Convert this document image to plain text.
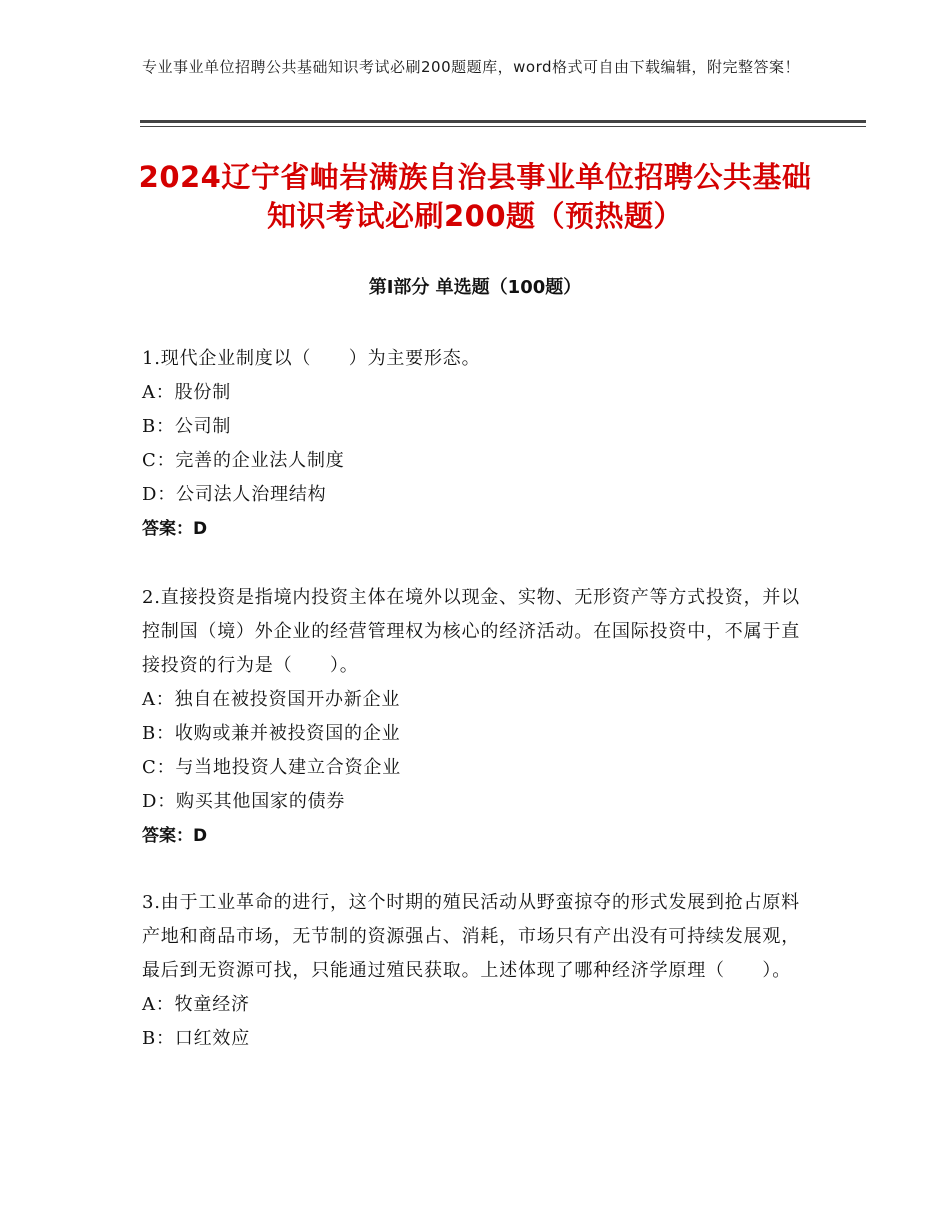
专业事业单位招聘公共基础知识考试必刷200题题库，word格式可自由下载编辑，附完整答案！
2024辽宁省岫岩满族自治县事业单位招聘公共基础知识考试必刷200题（预热题）
第Ⅰ部分 单选题（100题）
1.现代企业制度以（　　）为主要形态。
A：股份制
B：公司制
C：完善的企业法人制度
D：公司法人治理结构
答案：D
2.直接投资是指境内投资主体在境外以现金、实物、无形资产等方式投资，并以控制国（境）外企业的经营管理权为核心的经济活动。在国际投资中，不属于直接投资的行为是（　　）。
A：独自在被投资国开办新企业
B：收购或兼并被投资国的企业
C：与当地投资人建立合资企业
D：购买其他国家的债券
答案：D
3.由于工业革命的进行，这个时期的殖民活动从野蛮掠夺的形式发展到抢占原料产地和商品市场，无节制的资源强占、消耗，市场只有产出没有可持续发展观，最后到无资源可找，只能通过殖民获取。上述体现了哪种经济学原理（　　）。
A：牧童经济
B：口红效应
